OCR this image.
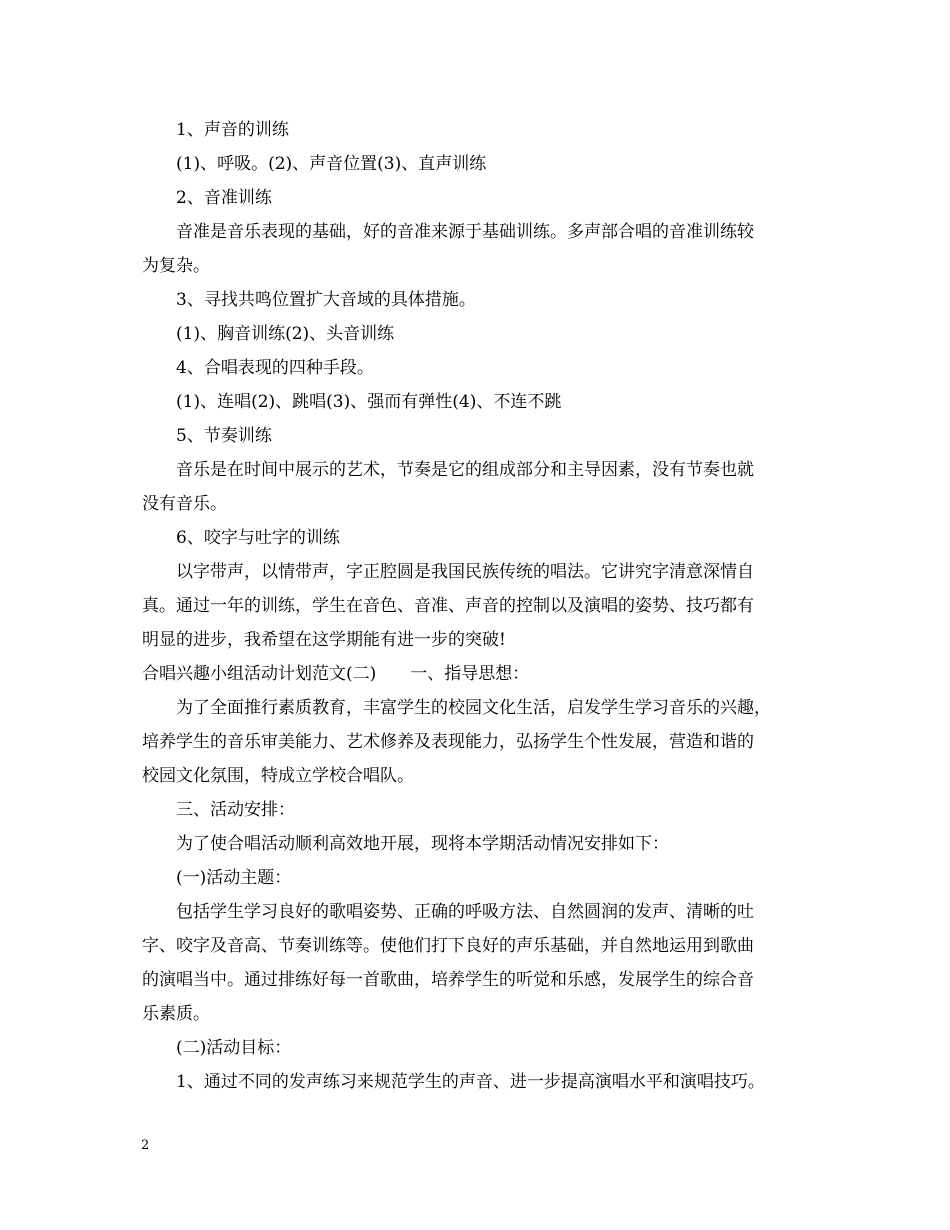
1、声音的训练
(1)、呼吸。(2)、声音位置(3)、直声训练
2、音准训练
音准是音乐表现的基础，好的音准来源于基础训练。多声部合唱的音准训练较
为复杂。
3、寻找共鸣位置扩大音域的具体措施。
(1)、胸音训练(2)、头音训练
4、合唱表现的四种手段。
(1)、连唱(2)、跳唱(3)、强而有弹性(4)、不连不跳
5、节奏训练
音乐是在时间中展示的艺术，节奏是它的组成部分和主导因素，没有节奏也就
没有音乐。
6、咬字与吐字的训练
以字带声，以情带声，字正腔圆是我国民族传统的唱法。它讲究字清意深情自
真。通过一年的训练，学生在音色、音准、声音的控制以及演唱的姿势、技巧都有
明显的进步，我希望在这学期能有进一步的突破!
合唱兴趣小组活动计划范文(二)　　一、指导思想：
为了全面推行素质教育，丰富学生的校园文化生活，启发学生学习音乐的兴趣，
培养学生的音乐审美能力、艺术修养及表现能力，弘扬学生个性发展，营造和谐的
校园文化氛围，特成立学校合唱队。
三、活动安排：
为了使合唱活动顺利高效地开展，现将本学期活动情况安排如下：
(一)活动主题：
包括学生学习良好的歌唱姿势、正确的呼吸方法、自然圆润的发声、清晰的吐
字、咬字及音高、节奏训练等。使他们打下良好的声乐基础，并自然地运用到歌曲
的演唱当中。通过排练好每一首歌曲，培养学生的听觉和乐感，发展学生的综合音
乐素质。
(二)活动目标：
1、通过不同的发声练习来规范学生的声音、进一步提高演唱水平和演唱技巧。
2
